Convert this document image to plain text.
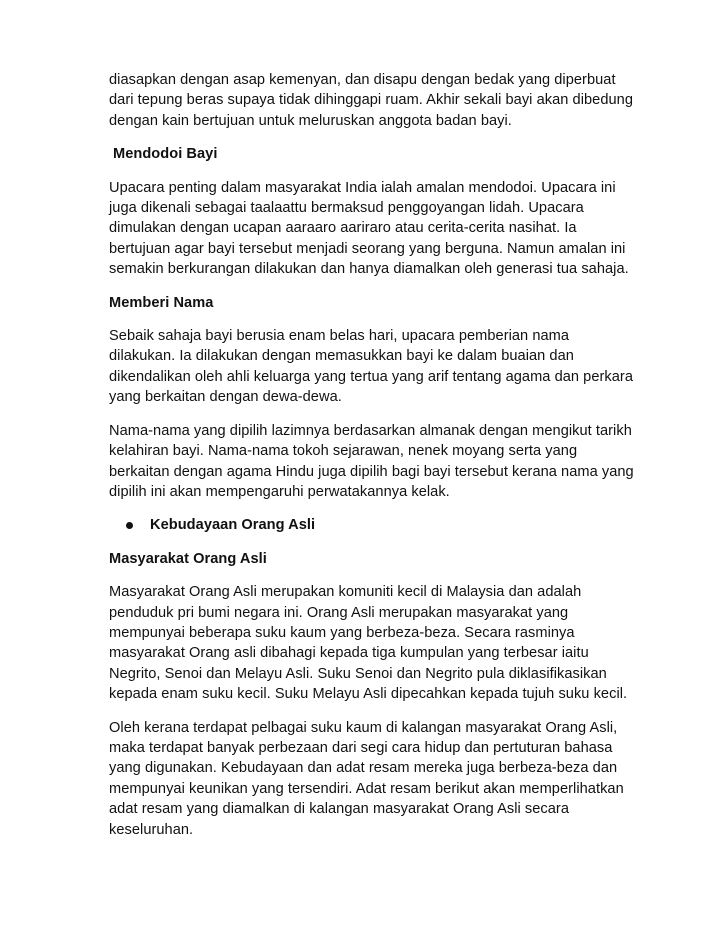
diasapkan dengan asap kemenyan, dan disapu dengan bedak yang diperbuat
dari tepung beras supaya tidak dihinggapi ruam. Akhir sekali bayi akan dibedung
dengan kain bertujuan untuk meluruskan anggota badan bayi.

Mendodoi Bayi

Upacara penting dalam masyarakat India ialah amalan mendodoi. Upacara ini
juga dikenali sebagai taalaattu bermaksud penggoyangan lidah. Upacara
dimulakan dengan ucapan aaraaro aariraro atau cerita-cerita nasihat. Ia
bertujuan agar bayi tersebut menjadi seorang yang berguna. Namun amalan ini
semakin berkurangan dilakukan dan hanya diamalkan oleh generasi tua sahaja.

Memberi Nama

Sebaik sahaja bayi berusia enam belas hari, upacara pemberian nama
dilakukan. Ia dilakukan dengan memasukkan bayi ke dalam buaian dan
dikendalikan oleh ahli keluarga yang tertua yang arif tentang agama dan perkara
yang berkaitan dengan dewa-dewa.

Nama-nama yang dipilih lazimnya berdasarkan almanak dengan mengikut tarikh
kelahiran bayi. Nama-nama tokoh sejarawan, nenek moyang serta yang
berkaitan dengan agama Hindu juga dipilih bagi bayi tersebut kerana nama yang
dipilih ini akan mempengaruhi perwatakannya kelak.

Kebudayaan Orang Asli
Masyarakat Orang Asli

Masyarakat Orang Asli merupakan komuniti kecil di Malaysia dan adalah
penduduk pri bumi negara ini. Orang Asli merupakan masyarakat yang
mempunyai beberapa suku kaum yang berbeza-beza. Secara rasminya
masyarakat Orang asli dibahagi kepada tiga kumpulan yang terbesar iaitu
Negrito, Senoi dan Melayu Asli. Suku Senoi dan Negrito pula diklasifikasikan
kepada enam suku kecil. Suku Melayu Asli dipecahkan kepada tujuh suku kecil.

Oleh kerana terdapat pelbagai suku kaum di kalangan masyarakat Orang Asli,
maka terdapat banyak perbezaan dari segi cara hidup dan pertuturan bahasa
yang digunakan. Kebudayaan dan adat resam mereka juga berbeza-beza dan
mempunyai keunikan yang tersendiri. Adat resam berikut akan memperlihatkan
adat resam yang diamalkan di kalangan masyarakat Orang Asli secara
keseluruhan.
